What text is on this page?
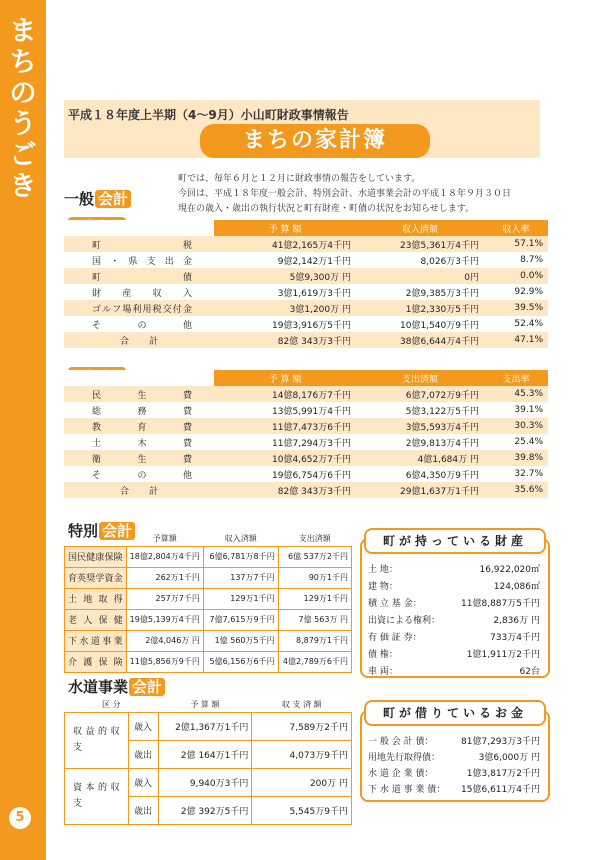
まちのうごき
5
平成１８年度上半期（4〜9月）小山町財政事情報告
まちの家計簿
町では、毎年６月と１２月に財政事情の報告をしています。
今回は、平成１８年度一般会計、特別会計、水道事業会計の平成１８年９月３０日
現在の歳入・歳出の執行状況と町有財産・町債の状況をお知らせします。
一般 会計
	予 算 額	収入済額	収入率
町 税	41億2,165万4千円	23億5,361万4千円	57.1%
国・県支出金	9億2,142万1千円	8,026万3千円	8.7%
町 債	5億9,300万 円	0円	0.0%
財 産 収 入	3億1,619万3千円	2億9,385万3千円	92.9%
ゴルフ場利用税交付金	3億1,200万 円	1億2,330万5千円	39.5%
そ の 他	19億3,916万5千円	10億1,540万9千円	52.4%
合 計	82億 343万3千円	38億6,644万4千円	47.1%
	予 算 額	支出済額	支出率
民 生 費	14億8,176万7千円	6億7,072万9千円	45.3%
総 務 費	13億5,991万4千円	5億3,122万5千円	39.1%
教 育 費	11億7,473万6千円	3億5,593万4千円	30.3%
土 木 費	11億7,294万3千円	2億9,813万4千円	25.4%
衛 生 費	10億4,652万7千円	4億1,684万 円	39.8%
そ の 他	19億6,754万6千円	6億4,350万9千円	32.7%
合 計	82億 343万3千円	29億1,637万1千円	35.6%
特別 会計
		予算額	収入済額	支出済額
国民健康保険	18億2,804万4千円	6億6,781万8千円	6億 537万2千円
育英奨学資金	262万1千円	137万7千円	90万1千円
土 地 取 得	257万7千円	129万1千円	129万1千円
老 人 保 健	19億5,139万4千円	7億7,615万9千円	7億 563万 円
下水道事業	2億4,046万 円	1億 560万5千円	8,879万1千円
介 護 保 険	11億5,856万9千円	5億6,156万6千円	4億2,789万6千円
水道事業 会計
区 分		予 算 額	収 支 済 額
収 益 的 収 支	歳入	2億1,367万1千円	7,589万2千円
	歳出	2億 164万1千円	4,073万9千円
資 本 的 収 支	歳入	9,940万3千円	200万 円
	歳出	2億 392万5千円	5,545万9千円
町が持っている財産
土 地：	16,922,020㎡
建 物：	124,086㎡
積 立 基 金：	11億8,887万5千円
出資による権利：	2,836万 円
有 価 証 券：	733万4千円
債 権：	1億1,911万2千円
車 両：	62台
町が借りているお金
一 般 会 計 債：	81億7,293万3千円
用地先行取得債：	3億6,000万 円
水 道 企 業 債：	1億3,817万2千円
下 水 道 事 業 債： 15億6,611万4千円
